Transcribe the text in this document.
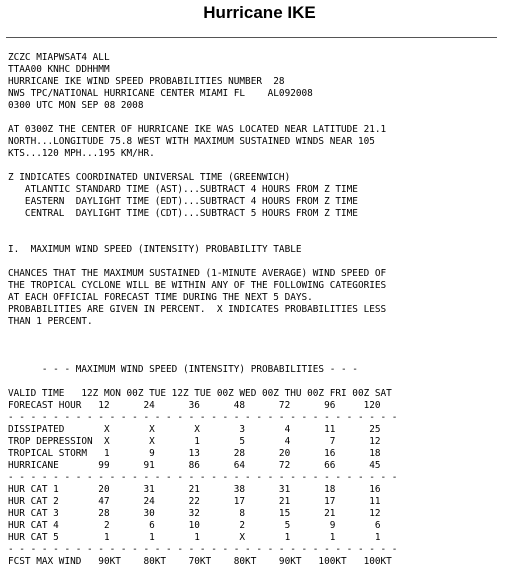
Hurricane IKE
ZCZC MIAPWSAT4 ALL
TTAA00 KNHC DDHHMM
HURRICANE IKE WIND SPEED PROBABILITIES NUMBER  28
NWS TPC/NATIONAL HURRICANE CENTER MIAMI FL    AL092008
0300 UTC MON SEP 08 2008
AT 0300Z THE CENTER OF HURRICANE IKE WAS LOCATED NEAR LATITUDE 21.1
NORTH...LONGITUDE 75.8 WEST WITH MAXIMUM SUSTAINED WINDS NEAR 105
KTS...120 MPH...195 KM/HR.
Z INDICATES COORDINATED UNIVERSAL TIME (GREENWICH)
ATLANTIC STANDARD TIME (AST)...SUBTRACT 4 HOURS FROM Z TIME
EASTERN  DAYLIGHT TIME (EDT)...SUBTRACT 4 HOURS FROM Z TIME
CENTRAL  DAYLIGHT TIME (CDT)...SUBTRACT 5 HOURS FROM Z TIME
I.  MAXIMUM WIND SPEED (INTENSITY) PROBABILITY TABLE
CHANCES THAT THE MAXIMUM SUSTAINED (1-MINUTE AVERAGE) WIND SPEED OF
THE TROPICAL CYCLONE WILL BE WITHIN ANY OF THE FOLLOWING CATEGORIES
AT EACH OFFICIAL FORECAST TIME DURING THE NEXT 5 DAYS.
PROBABILITIES ARE GIVEN IN PERCENT.  X INDICATES PROBABILITIES LESS
THAN 1 PERCENT.
- - - MAXIMUM WIND SPEED (INTENSITY) PROBABILITIES - - -
VALID TIME   12Z MON 00Z TUE 12Z TUE 00Z WED 00Z THU 00Z FRI 00Z SAT
FORECAST HOUR   12      24      36      48      72      96     120
- - - - - - - - - - - - - - - - - - - - - - - - - - - - - - - - - - -
DISSIPATED       X       X       X       3       4      11      25
TROP DEPRESSION  X       X       1       5       4       7      12
TROPICAL STORM   1       9      13      28      20      16      18
HURRICANE       99      91      86      64      72      66      45
- - - - - - - - - - - - - - - - - - - - - - - - - - - - - - - - - - -
HUR CAT 1       20      31      21      38      31      18      16
HUR CAT 2       47      24      22      17      21      17      11
HUR CAT 3       28      30      32       8      15      21      12
HUR CAT 4        2       6      10       2       5       9       6
HUR CAT 5        1       1       1       X       1       1       1
- - - - - - - - - - - - - - - - - - - - - - - - - - - - - - - - - - -
FCST MAX WIND   90KT    80KT    70KT    80KT    90KT   100KT   100KT
